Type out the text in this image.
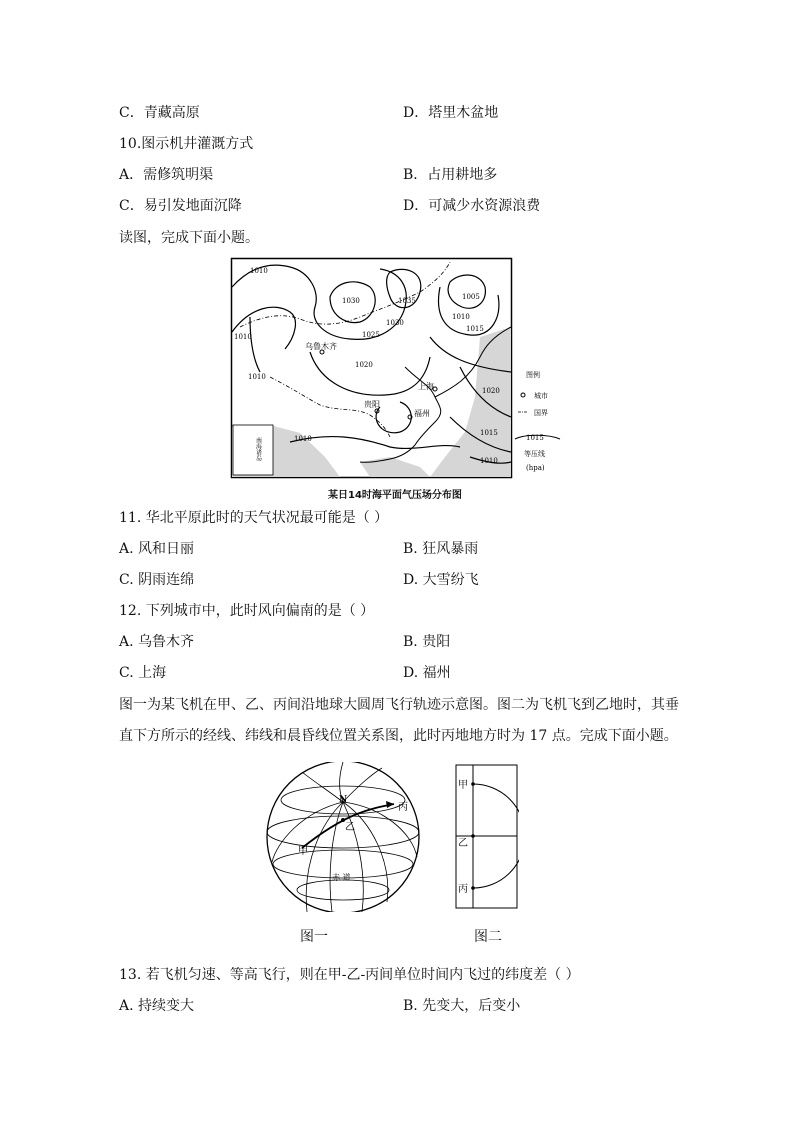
C．青藏高原	D．塔里木盆地
10.图示机井灌溉方式
A．需修筑明渠	B．占用耕地多
C．易引发地面沉降	D．可减少水资源浪费
读图，完成下面小题。
1010
1010
1010
1035
1030
1025
1030
1020
1005
1010
1015
1020
1015
1010
1010
乌鲁木齐
上海
贵阳
福州
南海诸岛
图例
城市
国界
1015
等压线
(hpa)
某日14时海平面气压场分布图
11. 华北平原此时的天气状况最可能是（ ）
A. 风和日丽	B. 狂风暴雨
C. 阴雨连绵	D. 大雪纷飞
12. 下列城市中，此时风向偏南的是（ ）
A. 乌鲁木齐	B. 贵阳
C. 上海	D. 福州
图一为某飞机在甲、乙、丙间沿地球大圆周飞行轨迹示意图。图二为飞机飞到乙地时，其垂直下方所示的经线、纬线和晨昏线位置关系图，此时丙地地方时为 17 点。完成下面小题。
N
甲
乙
丙
赤 道
图一
甲
乙
丙
图二
13. 若飞机匀速、等高飞行，则在甲-乙-丙间单位时间内飞过的纬度差（ ）
A. 持续变大	B. 先变大，后变小
